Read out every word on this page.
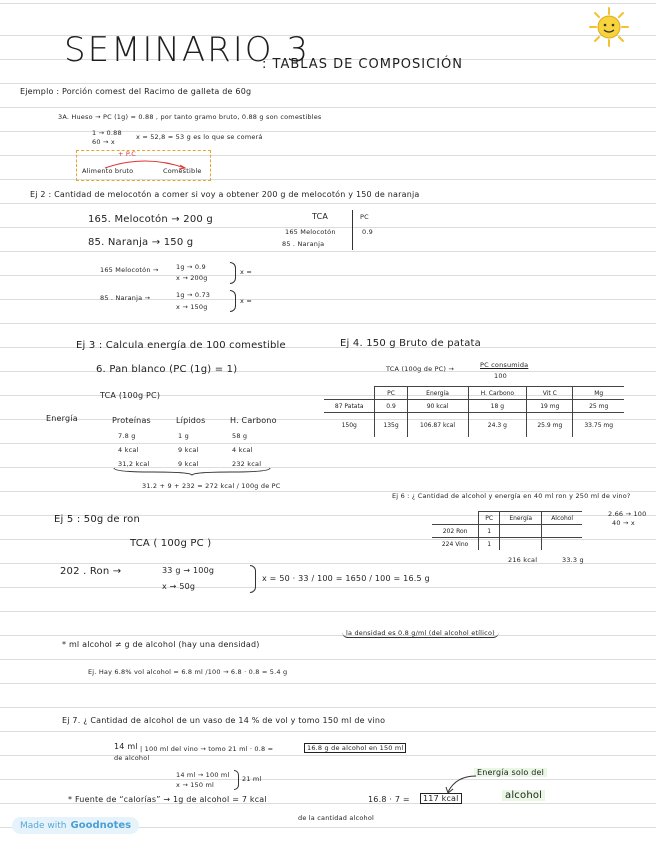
SEMINARIO 3
: TABLAS DE COMPOSICIÓN
Ejemplo : Porción comest del Racimo de galleta de 60g
3A. Hueso → PC (1g) = 0.88 , por tanto gramo bruto, 0.88 g son comestibles
1 → 0.88
60 → x
x = 52,8 ≈ 53 g es lo que se comerá
+ P.C
Alimento bruto	Comestible
Ej 2 : Cantidad de melocotón a comer si voy a obtener 200 g de melocotón y 150 de naranja
165. Melocotón → 200 g
85. Naranja → 150 g
TCA	PC
165 Melocotón	0.9
85 . Naranja
165 Melocotón →	1g → 0.9
x → 200g
x =
85 . Naranja →	1g → 0.73
x → 150g
x =
Ej 3 : Calcula energía de 100 comestible
6. Pan blanco (PC (1g) = 1)
TCA (100g PC)
Energía	Proteínas	Lípidos	H. Carbono
7.8 g	1 g	58 g
4 kcal	9 kcal	4 kcal
31,2 kcal	9 kcal	232 kcal
31.2 + 9 + 232 = 272 kcal / 100g de PC
Ej 4. 150 g Bruto de patata
TCA (100g de PC) →	PC consumida
100
	PC	Energía	H. Carbono	Vit C	Mg
87 Patata	0.9	90 kcal	18 g	19 mg	25 mg
150g	135g	106.87 kcal	24.3 g	25.9 mg	33.75 mg
Ej 6 : ¿ Cantidad de alcohol y energía en 40 ml ron y 250 ml de vino?
2.66 → 100
40 → x
	PC	Energía	Alcohol
202 Ron	1		
224 Vino	1		
216 kcal	33.3 g
Ej 5 : 50g de ron
TCA ( 100g PC )
202 . Ron →	33 g → 100g
x → 50g
x = 50 · 33 / 100 = 1650 / 100 = 16.5 g
* ml alcohol ≠ g de alcohol (hay una densidad)
la densidad es 0.8 g/ml (del alcohol etílico)
Ej. Hay 6.8% vol alcohol = 6.8 ml /100 → 6.8 · 0.8 = 5.4 g
Ej 7. ¿ Cantidad de alcohol de un vaso de 14 % de vol y tomo 150 ml de vino
14 ml
de alcohol
| 100 ml del vino → tomo 21 ml · 0.8 =	16.8 g de alcohol en 150 ml
14 ml → 100 ml
x → 150 ml
21 ml
* Fuente de “calorías” → 1g de alcohol = 7 kcal	16.8 · 7 =	117 kcal
de la cantidad alcohol
Energía solo del
alcohol
Made with Goodnotes
